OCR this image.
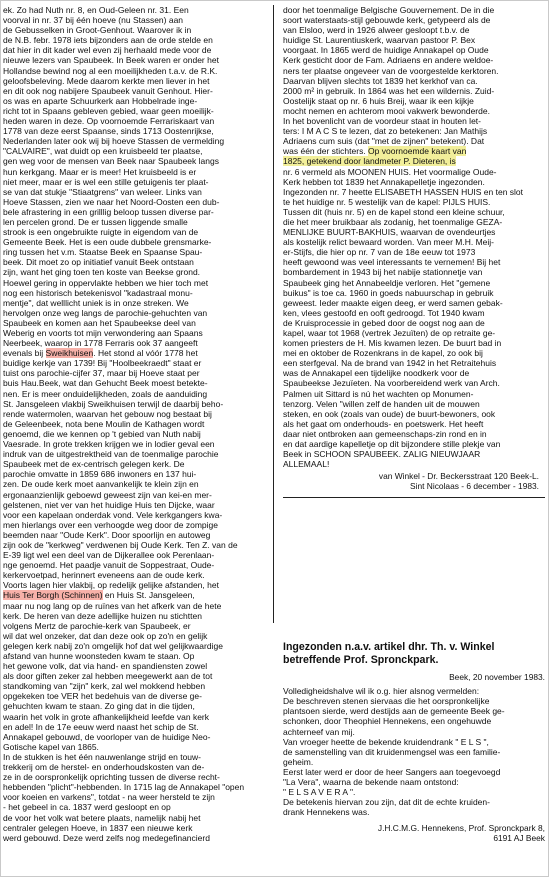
ek. Zo had Nuth nr. 8, en Oud-Geleen nr. 31. Een
voorval in nr. 37 bij één hoeve (nu Stassen) aan
de Gebusselken in Groot-Genhout. Waarover ik in
de N.B. febr. 1978 iets bijzonders aan de orde stelde en
dat hier in dit kader wel even zij herhaald mede voor de
nieuwe lezers van Spaubeek. In Beek waren er onder het
Hollandse bewind nog al een moeilijkheden t.a.v. de R.K.
geloofsbeleving. Mede daarom kerkte men liever in het
en dit ook nog nabijere Spaubeek vanuit Genhout. Hier-
os was en aparte Schuurkerk aan Hobbelrade inge-
richt tot in Spaans gebleven gebied, waar geen moeilijk-
heden waren in deze. Op voornoemde Ferrariskaart van
1778 van deze eerst Spaanse, sinds 1713 Oostenrijkse,
Nederlanden later ook wij bij hoeve Stassen de vermelding
"CALVAIRE", wat duidt op een kruisbeeld ter plaatse,
gen weg voor de mensen van Beek naar Spaubeek langs
hun kerkgang. Maar er is meer! Het kruisbeeld is er
niet meer, maar er is wel een stille getuigenis ter plaat-
se van dat stukje "Stiaatgrens" van weleer. Links van
Hoeve Stassen, zien we naar het Noord-Oosten een dub-
bele afrastering in een grilllig beloop tussen diverse par-
len percelen grond. De er tussen liggende smalle
strook is een ongebruikte ruigte in eigendom van de
Gemeente Beek. Het is een oude dubbele grensmarke-
ring tussen het v.m. Staatse Beek en Spaanse Spau-
beek. Dit moet zo op initiatief vanuit Beek ontstaan
zijn, want het ging toen ten koste van Beekse grond.
Hoewel gering in oppervlakte hebben we hier toch met
nog een historisch betekenisvol "kadastraal monu-
mentje", dat welllicht uniek is in onze streken. We
hervolgen onze weg langs de parochie-gehuchten van
Spaubeek en komen aan het Spaubeekse deel van
Weberig en voorts tot mijn verwondering aan Spaans
Neerbeek, waarop in 1778 Ferraris ook 37 aangeeft
evenals bij Sweikhuisen. Het stond al vóór 1778 het
buidige kerkje van 1739! Bij "Hoolbeekraedt" staat er
tuist ons parochie-cijfer 37, maar bij Hoeve staat per
buis Hau.Beek, wat dan Gehucht Beek moest betekte-
nen. Er is meer onduidelijkheden, zoals de aanduiding
St. Jansgeleen vlakbij Sweikhuisen terwijl de daarbij beho-
rende watermolen, waarvan het gebouw nog bestaat bij
de Geleenbeek, nota bene Moulin de Kathagen wordt
genoemd, die we kennen op 't gebied van Nuth nabij
Vaesrade. In grote trekken krijgen we in lodier geval een
indruk van de uitgestrektheid van de toenmalige parochie
Spaubeek met de ex-centrisch gelegen kerk. De
parochie omvatte in 1859 686 inwoners en 137 hui-
zen. De oude kerk moet aanvankelijk te klein zijn en
ergonaanzienlijk geboewd geweest zijn van kei-en mer-
gelstenen, niet ver van het huidige Huis ten Dijcke, waar
voor een kapelaan onderdak vond. Vele kerkgangers kwa-
men hierlangs over een verhoogde weg door de zompige
beemden naar "Oude Kerk". Door spoorlijn en autoweg
zijn ook de "kerkweg" verdwenen bij Oude Kerk. Ten Z. van de
E-39 ligt wel een deel van de Dijkerallee ook Perenlaan-
nge genoemd. Het paadje vanuit de Soppestraat, Oude-
kerkervoetpad, herinnert eveneens aan de oude kerk.
Voorts lagen hier vlakbij, op redelijk gelijke afstanden, het
Huis Ter Borgh (Schinnen) en Huis St. Jansgeleen,
maar nu nog lang op de ruïnes van het afkerk van de hete
kerk. De heren van deze adellijke huizen nu stichtten
volgens Mertz de parochie-kerk van Spaubeek, er
wil dat wel onzeker, dat dan deze ook op zo'n en gelijk
gelegen kerk nabij zo'n omgelijk hof dat wel gelijkwaardige
afstand van hunne woonsteden kwam te staan. Op
het gewone volk, dat via hand- en spandiensten zowel
als door giften zeker zal hebben meegewerkt aan de tot
standkoming van "zijn" kerk, zal wel mokkend hebben
opgekeken toe VER het bedehuis van de diverse ge-
gehuchten kwam te staan. Zo ging dat in die tijden,
waarin het volk in grote afhankelijkheid leefde van kerk
en adel! In de 17e eeuw werd naast het schip de St.
Annakapel gebouwd, de voorloper van de huidige Neo-
Gotische kapel van 1865.
In de stukken is het één nauwenlange strijd en touw-
trekkerij om de herstel- en onderhoudskosten van de-
ze in de oorspronkelijk oprichting tussen de diverse recht-
hebbenden "plicht"-hebbenden. In 1715 lag de Annakapel "open
voor koeien en varkens", totdat - na weer hersteld te zijn
- het gebeel in ca. 1837 werd gesloopt en op
de voor het volk wat betere plaats, namelijk nabij het
centraler gelegen Hoeve, in 1837 een nieuwe kerk
werd gebouwd. Deze werd zelfs nog medegefinancierd

door het toenmalige Belgische Gouvernement. De in die
soort waterstaats-stijl gebouwde kerk, getypeerd als de
van Elsloo, werd in 1926 alweer gesloopt t.b.v. de
huidige St. Laurentiuskerk, waarvan pastoor P. Bex
voorgaat. In 1865 werd de huidige Annakapel op Oude
Kerk gesticht door de Fam. Adriaens en andere weldoe-
ners ter plaatse ongeveer van de voorgestelde kerktoren.
Daarvan blijven slechts tot 1839 het kerkhof van ca.
2000 m² in gebruik. In 1864 was het een wildernis. Zuid-
Oostelijk staat op nr. 6 huis Breij, waar ik een kijkje
mocht nemen en achterom mooi vakwerk bewonderde.
In het bovenlicht van de voordeur staat in houten let-
ters: I M A C S te lezen, dat zo betekenen: Jan Mathijs
Adriaens cum suis (dat "met de zijnen" betekent). Dat
was één der stichters. Op voornoemde kaart van
1825, getekend door landmeter P. Dieteren, is
nr. 6 vermeld als MOONEN HUIS. Het voormalige Oude-
Kerk hebben tot 1839 het Annakapelletje ingezonden.
Ingezonden nr. 7 heette ELISABETH HASSEN HUIS en ten slot
te het huidige nr. 5 westelijk van de kapel: PIJLS HUIS.
Tussen dit (huis nr. 5) en de kapel stond een kleine schuur,
die het meer bruikbaar als zodanig, het toenmalige GEZA-
MENLIJKE BUURT-BAKHUIS, waarvan de ovendeurtjes
als kostelijk relict bewaard worden. Van meer M.H. Meij-
er-Stijfs, die hier op nr. 7 van de 18e eeuw tot 1973
heeft gewoond was veel interessants te vernemen! Bij het
bombardement in 1943 bij het nabije stationnetje van
Spaubeek ging het Annabeeldje verloren. Het "gemene
buikus" is toe ca. 1960 in goeds nabuurschap in gebruik
geweest. Ieder maakte eigen deeg, er werd samen gebak-
ken, vlees gestoofd en ooft gedroogd. Tot 1940 kwam
de Kruisprocessie in gebed door de oogst nog aan de
kapel, waar tot 1968 (vertrek Jezuïten) de op retraite ge-
komen priesters de H. Mis kwamen lezen. De buurt bad in
mei en oktober de Rozenkrans in de kapel, zo ook bij
een sterfgeval. Na de brand van 1942 in het Retraitehuis
was de Annakapel een tijdelijke noodkerk voor de
Spaubeekse Jezuïeten. Na voorbereidend werk van Arch.
Palmen uit Sittard is nú het wachten op Monumen-
tenzorg. Velen "willen zelf de handen uit de mouwen
steken, en ook (zoals van oude) de buurt-bewoners, ook
als het gaat om onderhouds- en poetswerk. Het heeft
daar niet ontbroken aan gemeenschaps-zin rond en in
en dat aardige kapelletje op dit bijzondere stille plekje van
Beek in SCHOON SPAUBEEK. ZALIG NIEUWJAAR
ALLEMAAL!

van Winkel - Dr. Beckersstraat 120 Beek-L.
Sint Nicolaas - 6 december - 1983.
Ingezonden n.a.v. artikel dhr. Th. v. Winkel
betreffende Prof. Spronckpark.
Beek, 20 november 1983.

Volledigheidshalve wil ik o.g. hier alsnog vermelden:
De beschreven stenen siervaas die het oorspronkelijke
plantsoen sierde, werd destijds aan de gemeente Beek ge-
schonken, door Theophiel Hennekens, een ongehuwde
achterneef van mij.
Van vroeger heette de bekende kruidendrank " E L S ",
de samenstelling van dit kruidenmengsel was een familie-
geheim.
Eerst later werd er door de heer Sangers aan toegevoegd
"La Vera", waarna de bekende naam ontstond:
" E L S A V E R A ".
De betekenis hiervan zou zijn, dat dit de echte kruiden-
drank Hennekens was.

J.H.C.M.G. Hennekens, Prof. Spronckpark 8,
6191 AJ Beek
